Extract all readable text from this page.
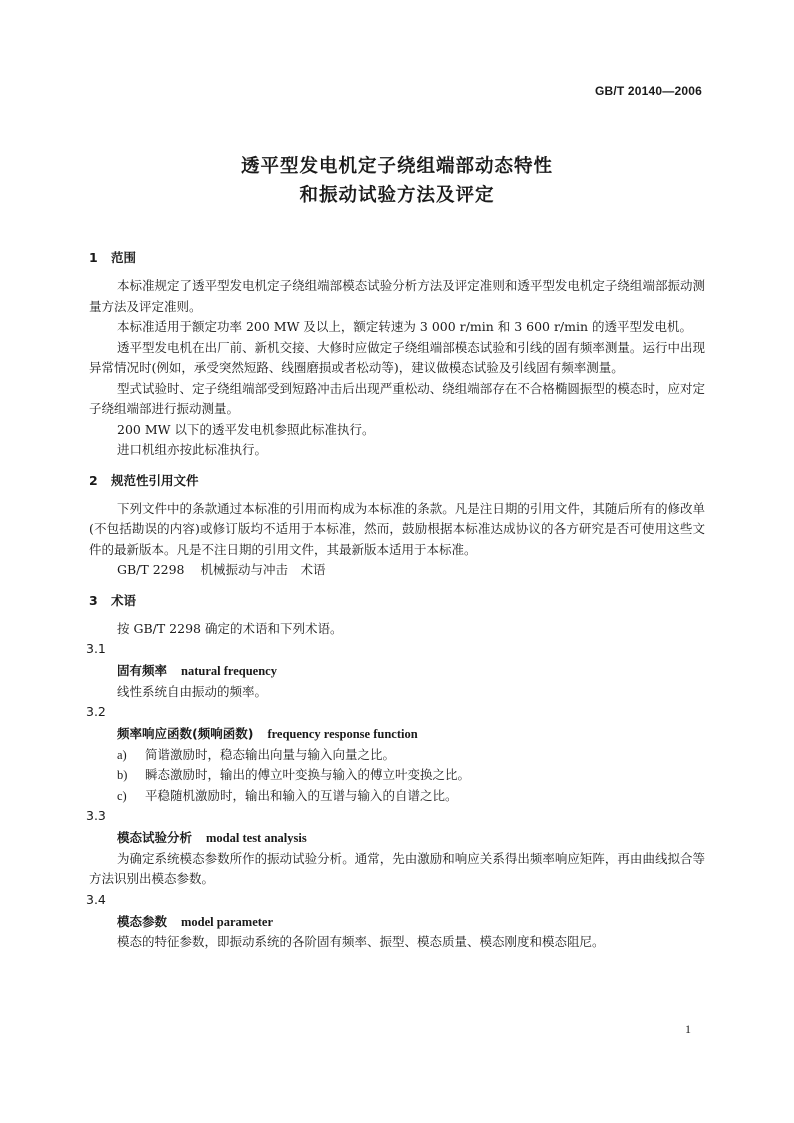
GB/T 20140—2006
透平型发电机定子绕组端部动态特性
和振动试验方法及评定
1 范围

本标准规定了透平型发电机定子绕组端部模态试验分析方法及评定准则和透平型发电机定子绕组端部振动测量方法及评定准则。

本标准适用于额定功率 200 MW 及以上，额定转速为 3 000 r/min 和 3 600 r/min 的透平型发电机。

透平型发电机在出厂前、新机交接、大修时应做定子绕组端部模态试验和引线的固有频率测量。运行中出现异常情况时(例如，承受突然短路、线圈磨损或者松动等)，建议做模态试验及引线固有频率测量。

型式试验时、定子绕组端部受到短路冲击后出现严重松动、绕组端部存在不合格椭圆振型的模态时，应对定子绕组端部进行振动测量。

200 MW 以下的透平发电机参照此标准执行。

进口机组亦按此标准执行。

2 规范性引用文件

下列文件中的条款通过本标准的引用而构成为本标准的条款。凡是注日期的引用文件，其随后所有的修改单(不包括勘误的内容)或修订版均不适用于本标准，然而，鼓励根据本标准达成协议的各方研究是否可使用这些文件的最新版本。凡是不注日期的引用文件，其最新版本适用于本标准。

GB/T 2298 机械振动与冲击　术语

3 术语

按 GB/T 2298 确定的术语和下列术语。

3.1

固有频率 natural frequency

线性系统自由振动的频率。

3.2

频率响应函数(频响函数) frequency response function

a) 简谐激励时，稳态输出向量与输入向量之比。

b) 瞬态激励时，输出的傅立叶变换与输入的傅立叶变换之比。

c) 平稳随机激励时，输出和输入的互谱与输入的自谱之比。

3.3

模态试验分析 modal test analysis

为确定系统模态参数所作的振动试验分析。通常，先由激励和响应关系得出频率响应矩阵，再由曲线拟合等方法识别出模态参数。

3.4

模态参数 model parameter

模态的特征参数，即振动系统的各阶固有频率、振型、模态质量、模态刚度和模态阻尼。

1
